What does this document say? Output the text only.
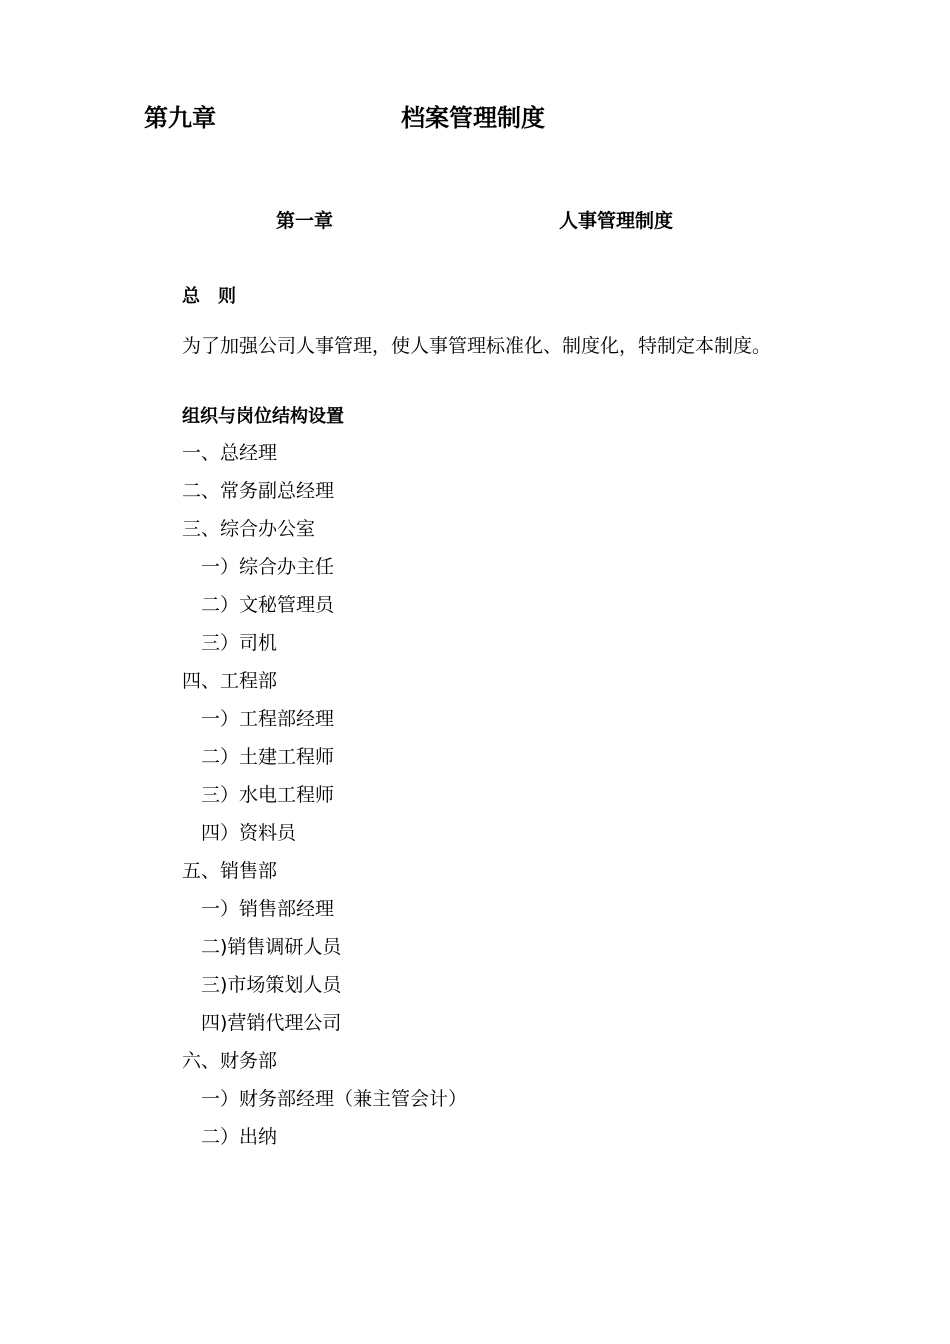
第九章	档案管理制度
第一章	人事管理制度
总　则
为了加强公司人事管理，使人事管理标准化、制度化，特制定本制度。
组织与岗位结构设置
一、总经理
二、常务副总经理
三、综合办公室
一）综合办主任
二）文秘管理员
三）司机
四、工程部
一）工程部经理
二）土建工程师
三）水电工程师
四）资料员
五、销售部
一）销售部经理
二)销售调研人员
三)市场策划人员
四)营销代理公司
六、财务部
一）财务部经理（兼主管会计）
二）出纳
